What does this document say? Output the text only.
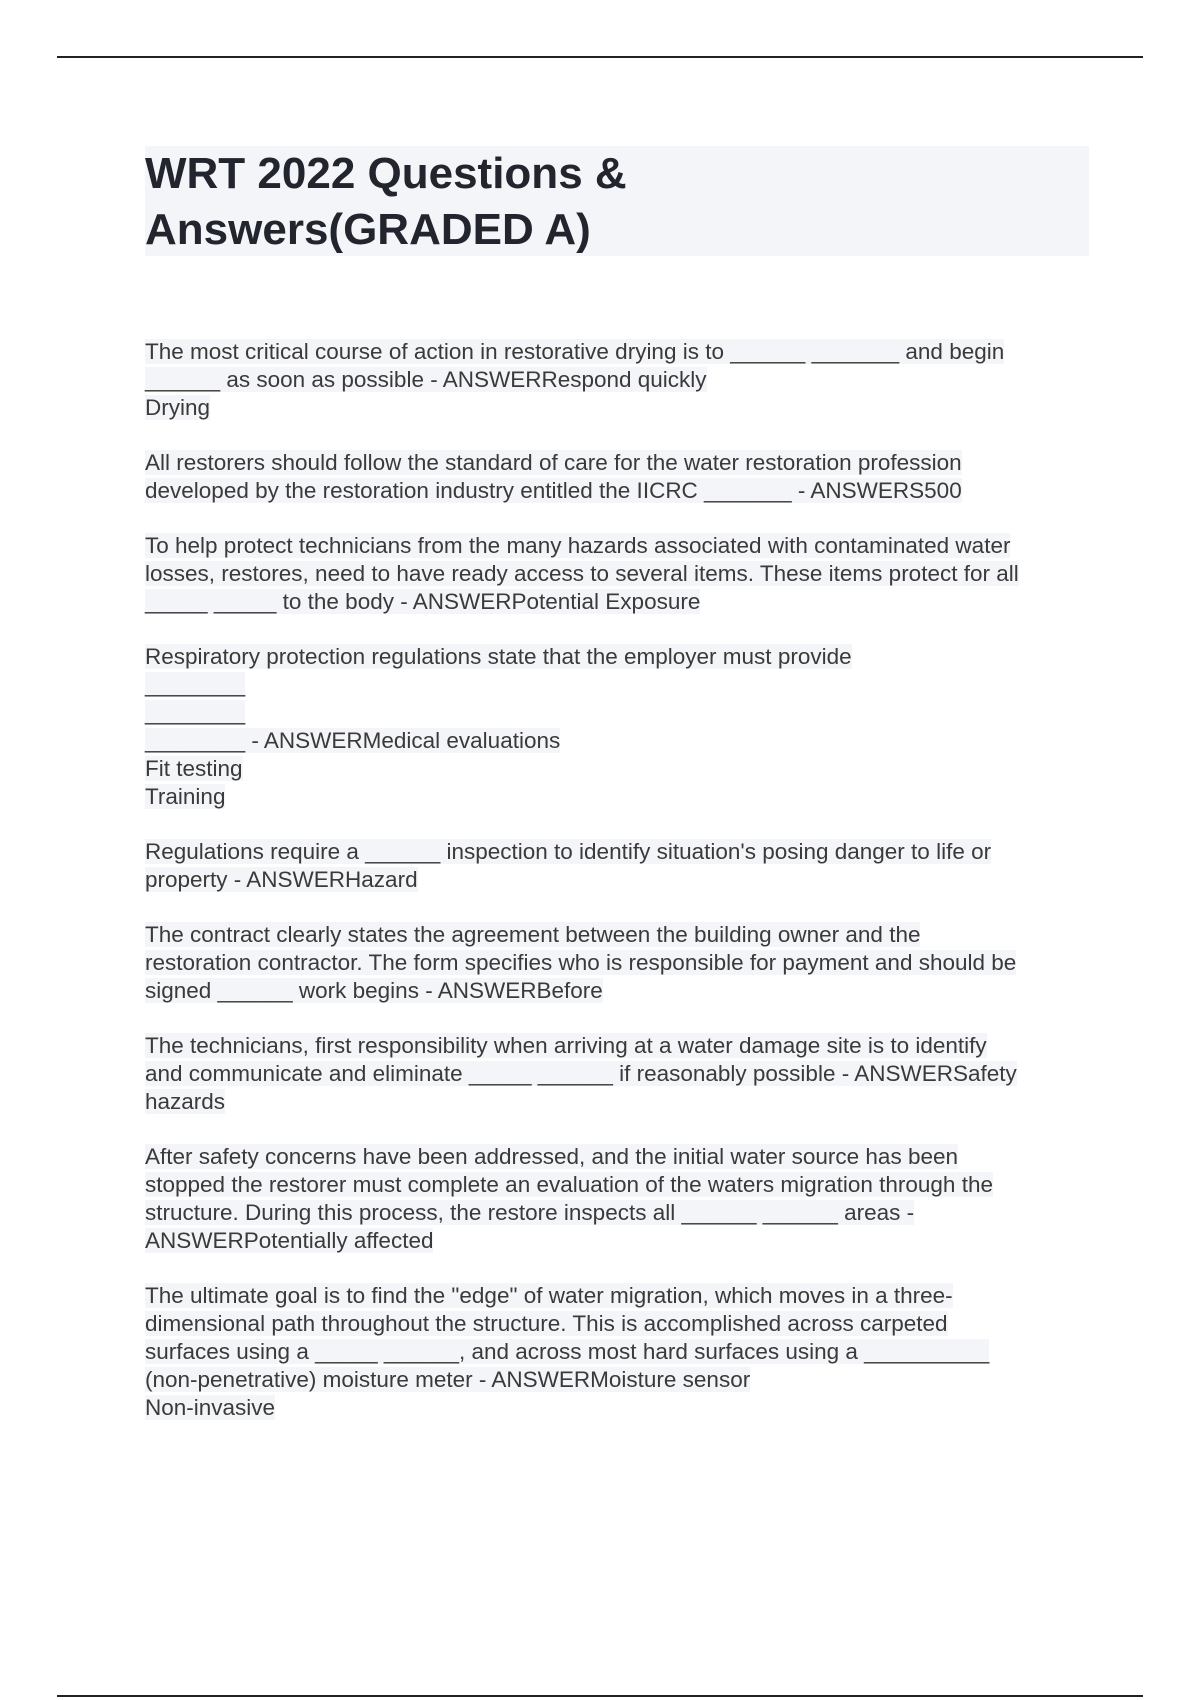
WRT 2022 Questions &
Answers(GRADED A)

The most critical course of action in restorative drying is to ______ _______ and begin
______ as soon as possible - ANSWERRespond quickly
Drying

All restorers should follow the standard of care for the water restoration profession
developed by the restoration industry entitled the IICRC _______ - ANSWERS500

To help protect technicians from the many hazards associated with contaminated water
losses, restores, need to have ready access to several items. These items protect for all
_____ _____ to the body - ANSWERPotential Exposure

Respiratory protection regulations state that the employer must provide
________
________
________ - ANSWERMedical evaluations
Fit testing
Training

Regulations require a ______ inspection to identify situation's posing danger to life or
property - ANSWERHazard

The contract clearly states the agreement between the building owner and the
restoration contractor. The form specifies who is responsible for payment and should be
signed ______ work begins - ANSWERBefore

The technicians, first responsibility when arriving at a water damage site is to identify
and communicate and eliminate _____ ______ if reasonably possible - ANSWERSafety
hazards

After safety concerns have been addressed, and the initial water source has been
stopped the restorer must complete an evaluation of the waters migration through the
structure. During this process, the restore inspects all ______ ______ areas -
ANSWERPotentially affected

The ultimate goal is to find the "edge" of water migration, which moves in a three-
dimensional path throughout the structure. This is accomplished across carpeted
surfaces using a _____ ______, and across most hard surfaces using a __________
(non-penetrative) moisture meter - ANSWERMoisture sensor
Non-invasive
